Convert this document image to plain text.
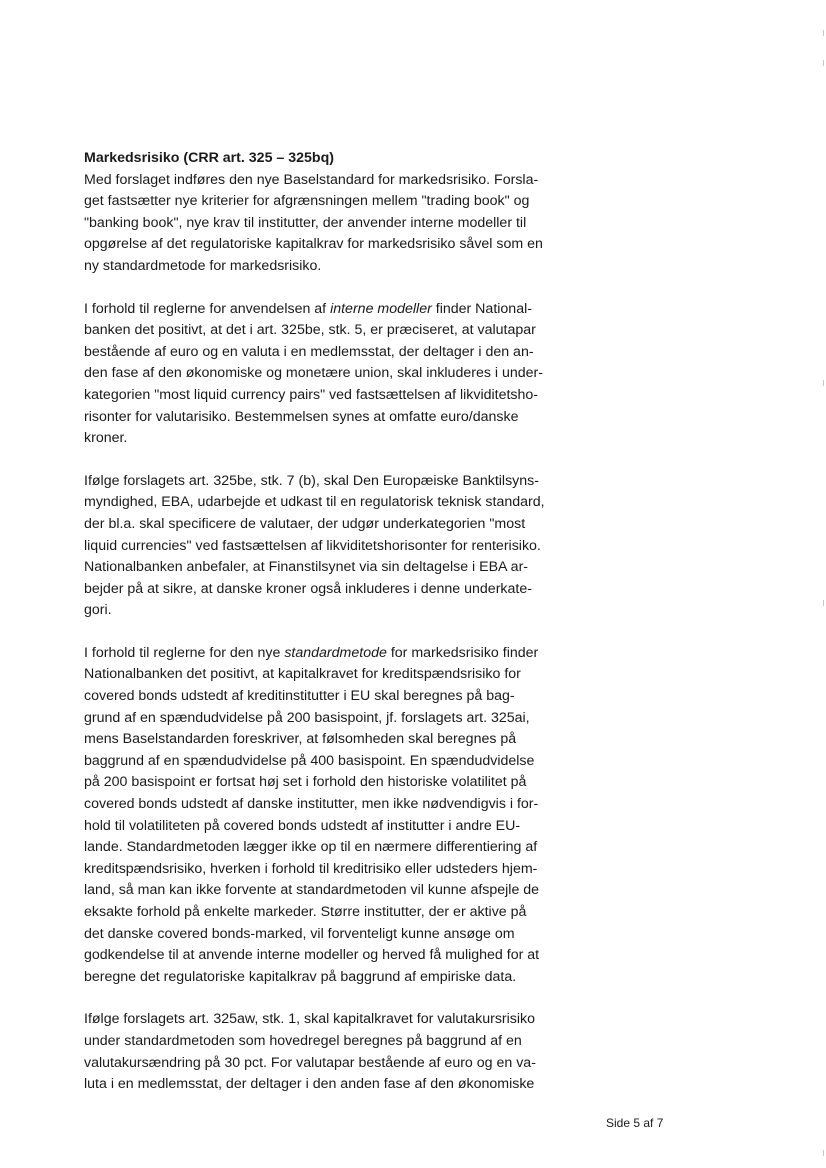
Markedsrisiko (CRR art. 325 – 325bq)

Med forslaget indføres den nye Baselstandard for markedsrisiko. Forsla-
get fastsætter nye kriterier for afgrænsningen mellem "trading book" og
"banking book", nye krav til institutter, der anvender interne modeller til
opgørelse af det regulatoriske kapitalkrav for markedsrisiko såvel som en
ny standardmetode for markedsrisiko.
I forhold til reglerne for anvendelsen af interne modeller finder National-
banken det positivt, at det i art. 325be, stk. 5, er præciseret, at valutapar
bestående af euro og en valuta i en medlemsstat, der deltager i den an-
den fase af den økonomiske og monetære union, skal inkluderes i under-
kategorien "most liquid currency pairs" ved fastsættelsen af likviditetsho-
risonter for valutarisiko. Bestemmelsen synes at omfatte euro/danske
kroner.
Ifølge forslagets art. 325be, stk. 7 (b), skal Den Europæiske Banktilsyns-
myndighed, EBA, udarbejde et udkast til en regulatorisk teknisk standard,
der bl.a. skal specificere de valutaer, der udgør underkategorien "most
liquid currencies" ved fastsættelsen af likviditetshorisonter for renterisiko.
Nationalbanken anbefaler, at Finanstilsynet via sin deltagelse i EBA ar-
bejder på at sikre, at danske kroner også inkluderes i denne underkate-
gori.
I forhold til reglerne for den nye standardmetode for markedsrisiko finder
Nationalbanken det positivt, at kapitalkravet for kreditspændsrisiko for
covered bonds udstedt af kreditinstitutter i EU skal beregnes på bag-
grund af en spændudvidelse på 200 basispoint, jf. forslagets art. 325ai,
mens Baselstandarden foreskriver, at følsomheden skal beregnes på
baggrund af en spændudvidelse på 400 basispoint. En spændudvidelse
på 200 basispoint er fortsat høj set i forhold den historiske volatilitet på
covered bonds udstedt af danske institutter, men ikke nødvendigvis i for-
hold til volatiliteten på covered bonds udstedt af institutter i andre EU-
lande. Standardmetoden lægger ikke op til en nærmere differentiering af
kreditspændsrisiko, hverken i forhold til kreditrisiko eller udsteders hjem-
land, så man kan ikke forvente at standardmetoden vil kunne afspejle de
eksakte forhold på enkelte markeder. Større institutter, der er aktive på
det danske covered bonds-marked, vil forventeligt kunne ansøge om
godkendelse til at anvende interne modeller og herved få mulighed for at
beregne det regulatoriske kapitalkrav på baggrund af empiriske data.
Ifølge forslagets art. 325aw, stk. 1, skal kapitalkravet for valutakursrisiko
under standardmetoden som hovedregel beregnes på baggrund af en
valutakursændring på 30 pct. For valutapar bestående af euro og en va-
luta i en medlemsstat, der deltager i den anden fase af den økonomiske
Side 5 af 7
